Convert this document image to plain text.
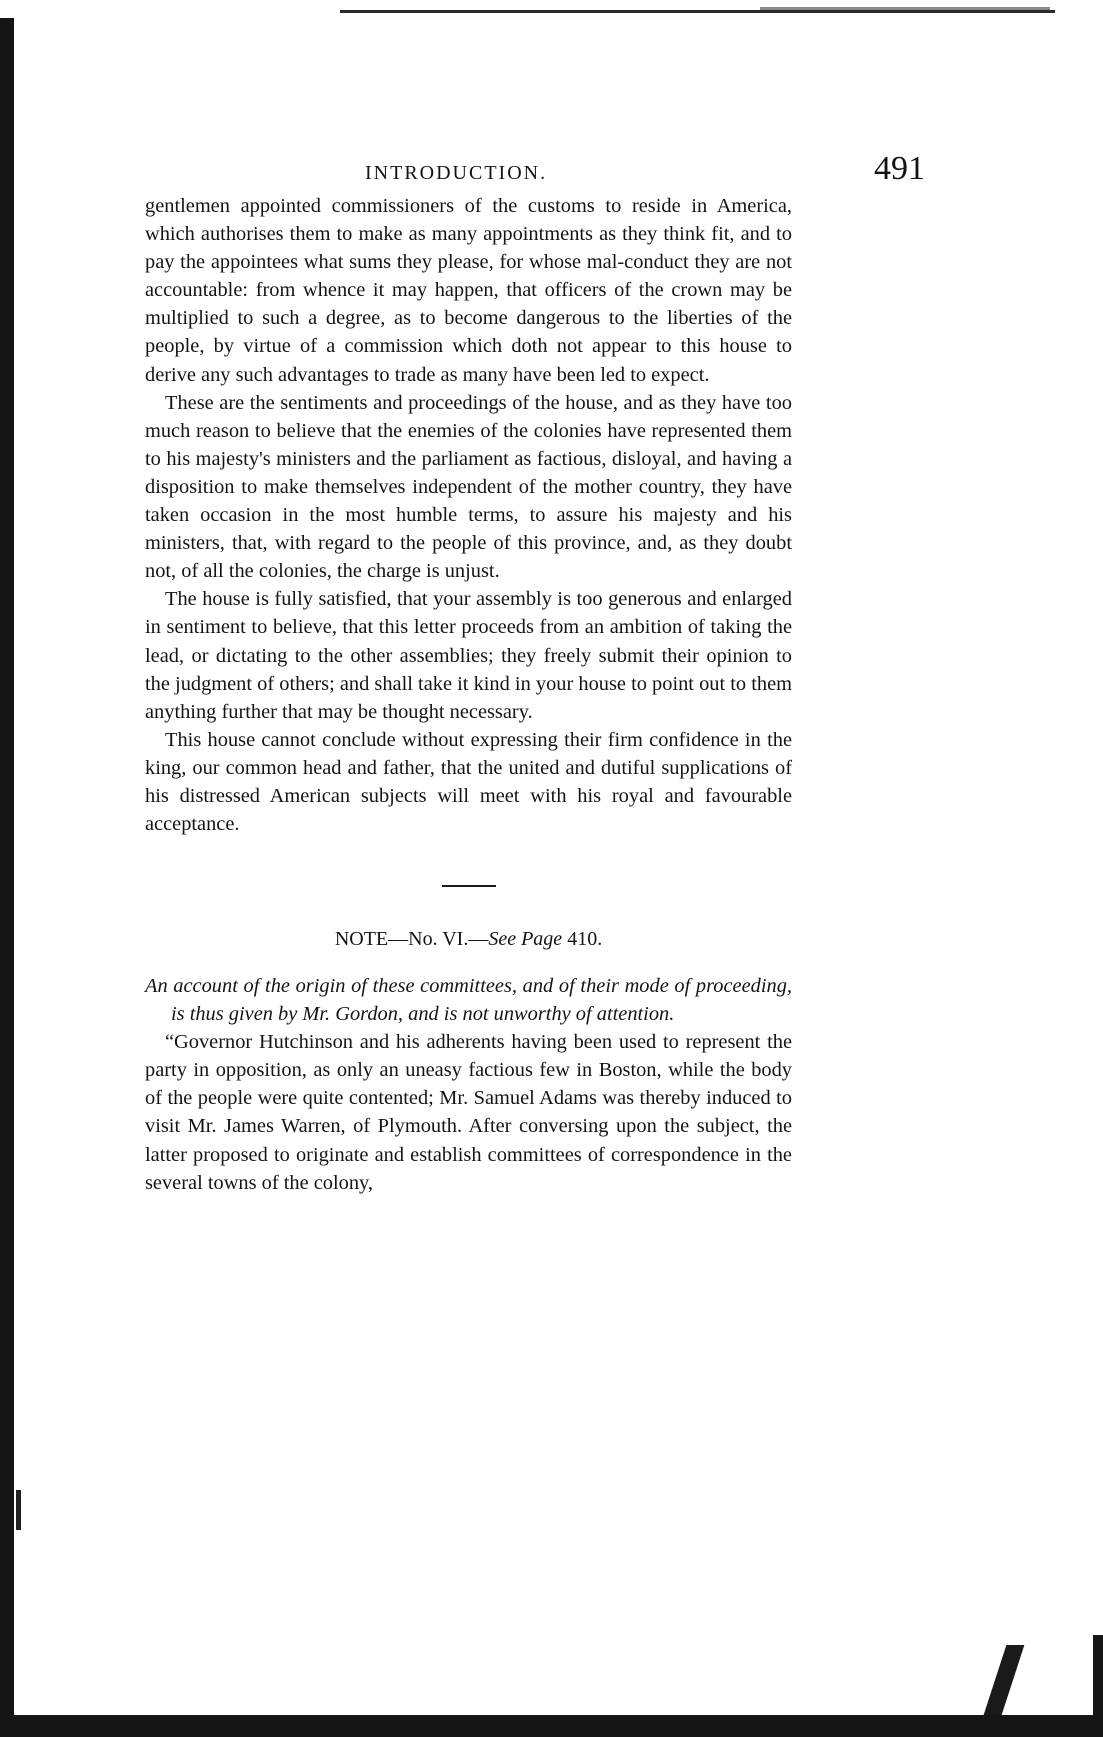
INTRODUCTION.	491

gentlemen appointed commissioners of the customs to reside in America, which authorises them to make as many appointments as they think fit, and to pay the appointees what sums they please, for whose mal-conduct they are not accountable: from whence it may happen, that officers of the crown may be multiplied to such a degree, as to become dangerous to the liberties of the people, by virtue of a commission which doth not appear to this house to derive any such advantages to trade as many have been led to expect.

These are the sentiments and proceedings of the house, and as they have too much reason to believe that the enemies of the colonies have represented them to his majesty's ministers and the parliament as factious, disloyal, and having a disposition to make themselves independent of the mother country, they have taken occasion in the most humble terms, to assure his majesty and his ministers, that, with regard to the people of this province, and, as they doubt not, of all the colonies, the charge is unjust.

The house is fully satisfied, that your assembly is too generous and enlarged in sentiment to believe, that this letter proceeds from an ambition of taking the lead, or dictating to the other assemblies; they freely submit their opinion to the judgment of others; and shall take it kind in your house to point out to them anything further that may be thought necessary.

This house cannot conclude without expressing their firm confidence in the king, our common head and father, that the united and dutiful supplications of his distressed American subjects will meet with his royal and favourable acceptance.

NOTE—No. VI.—See Page 410.

An account of the origin of these committees, and of their mode of proceeding, is thus given by Mr. Gordon, and is not unworthy of attention.

“Governor Hutchinson and his adherents having been used to represent the party in opposition, as only an uneasy factious few in Boston, while the body of the people were quite contented; Mr. Samuel Adams was thereby induced to visit Mr. James Warren, of Plymouth. After conversing upon the subject, the latter proposed to originate and establish committees of correspondence in the several towns of the colony,
